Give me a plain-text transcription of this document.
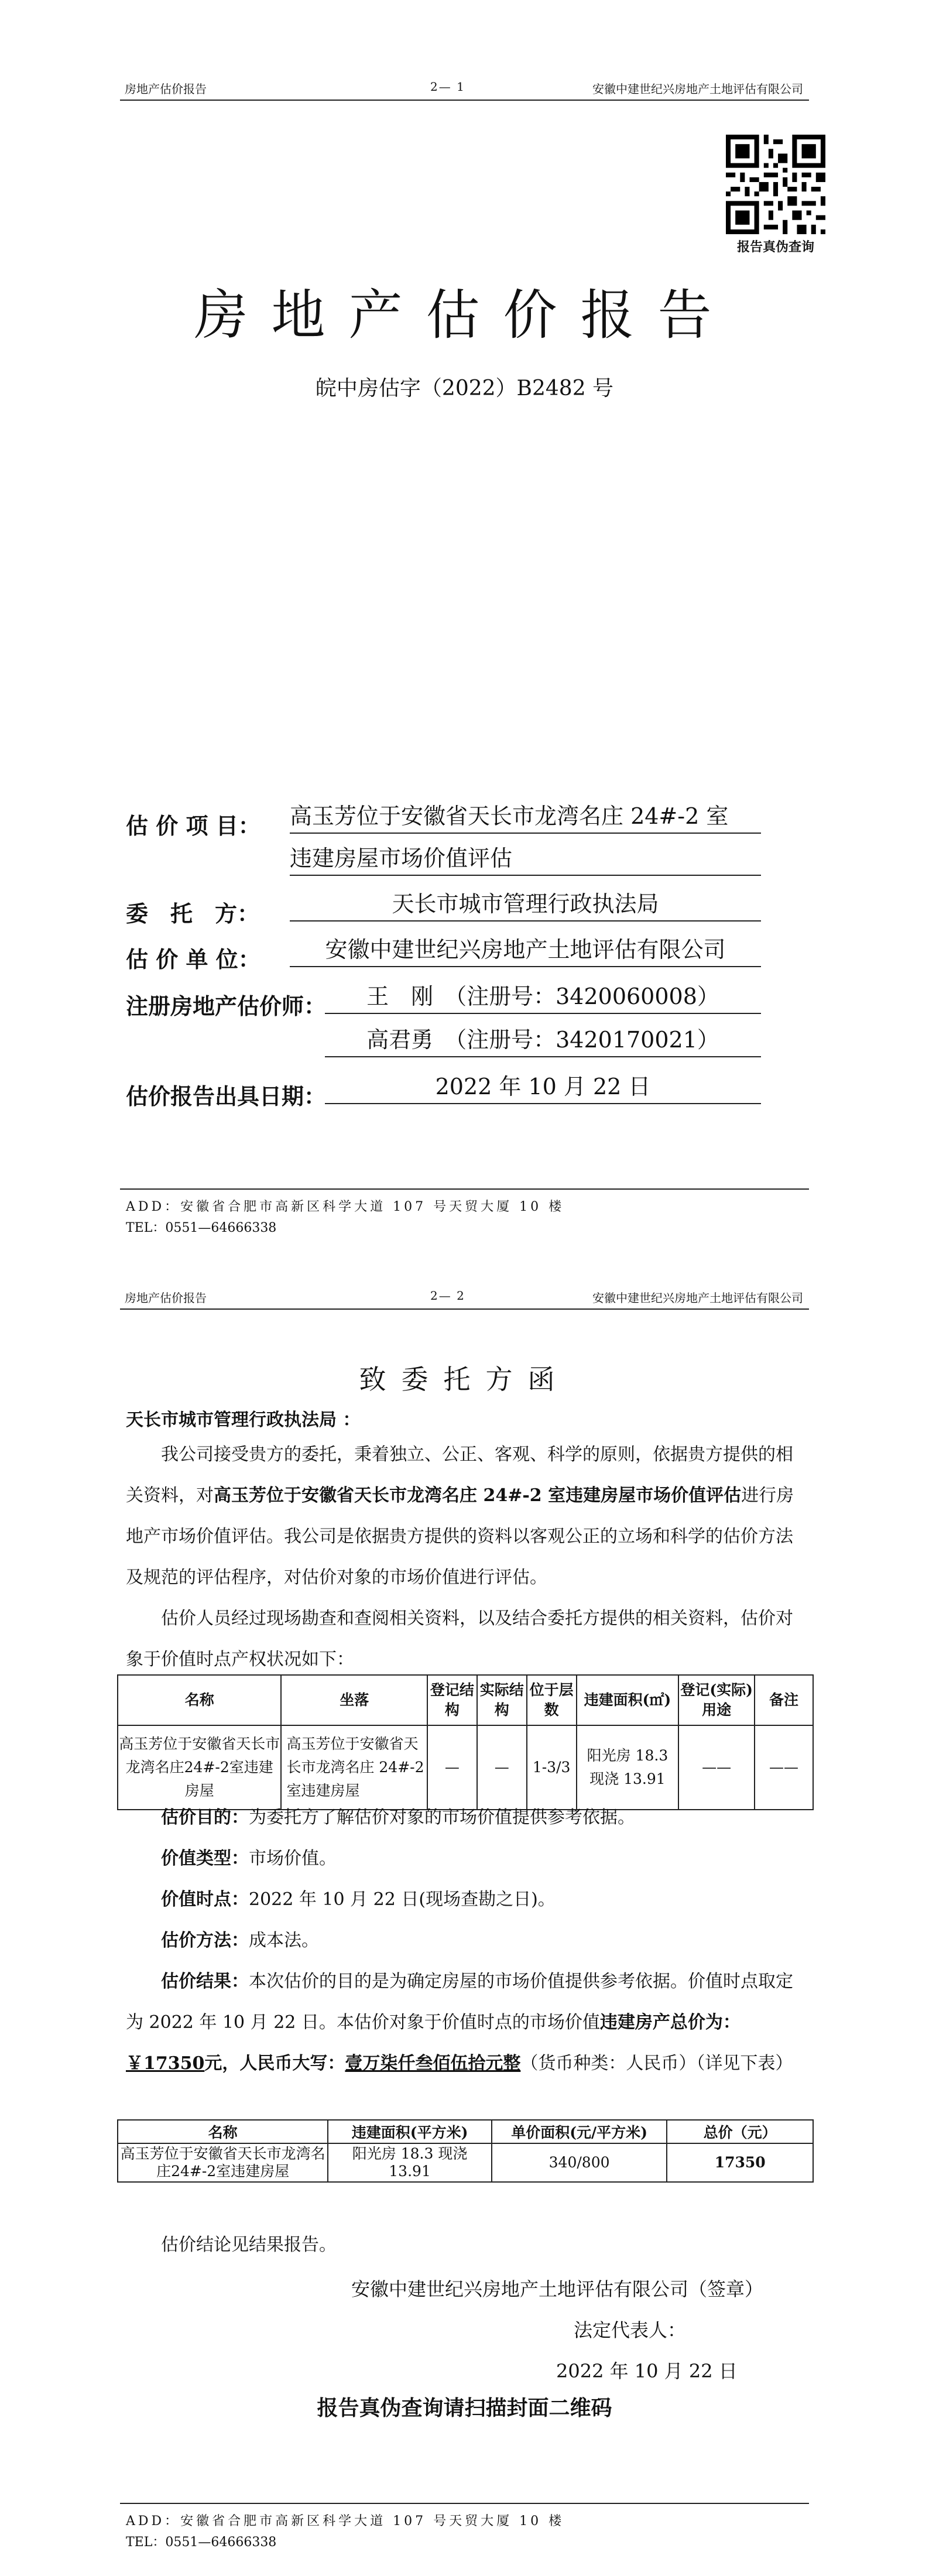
房地产估价报告	2— 1	安徽中建世纪兴房地产土地评估有限公司
报告真伪查询
房地产估价报告
皖中房估字（2022）B2482 号
估 价 项 目： 高玉芳位于安徽省天长市龙湾名庄 24#-2 室
违建房屋市场价值评估
委　托　方：	天长市城市管理行政执法局
估 价 单 位：	安徽中建世纪兴房地产土地评估有限公司
注册房地产估价师：	王　刚　（注册号：3420060008）
高君勇　（注册号：3420170021）
估价报告出具日期：	2022 年 10 月 22 日
ADD：安徽省合肥市高新区科学大道 107 号天贸大厦 10 楼
TEL：0551—64666338
房地产估价报告	2— 2	安徽中建世纪兴房地产土地评估有限公司
致委托方函
天长市城市管理行政执法局 ：
我公司接受贵方的委托，秉着独立、公正、客观、科学的原则，依据贵方提供的相关资料，对高玉芳位于安徽省天长市龙湾名庄 24#-2 室违建房屋市场价值评估进行房地产市场价值评估。我公司是依据贵方提供的资料以客观公正的立场和科学的估价方法及规范的评估程序，对估价对象的市场价值进行评估。
估价人员经过现场勘查和查阅相关资料，以及结合委托方提供的相关资料，估价对象于价值时点产权状况如下：
名称	坐落	登记结构	实际结构	位于层数	违建面积(㎡)	登记(实际)用途	备注
高玉芳位于安徽省天长市龙湾名庄24#-2室违建房屋	高玉芳位于安徽省天长市龙湾名庄 24#-2 室违建房屋	—	—	1-3/3	阳光房 18.3 现浇 13.91	——	——
估价目的：为委托方了解估价对象的市场价值提供参考依据。
价值类型：市场价值。
价值时点：2022 年 10 月 22 日(现场查勘之日)。
估价方法：成本法。
估价结果：本次估价的目的是为确定房屋的市场价值提供参考依据。价值时点取定为 2022 年 10 月 22 日。本估价对象于价值时点的市场价值违建房产总价为：￥17350元，人民币大写：壹万柒仟叁佰伍拾元整（货币种类：人民币）（详见下表）
名称	违建面积(平方米)	单价面积(元/平方米)	总价（元）
高玉芳位于安徽省天长市龙湾名庄24#-2室违建房屋	阳光房 18.3 现浇 13.91	340/800	17350
估价结论见结果报告。
安徽中建世纪兴房地产土地评估有限公司（签章）
法定代表人：
2022 年 10 月 22 日
报告真伪查询请扫描封面二维码
ADD：安徽省合肥市高新区科学大道 107 号天贸大厦 10 楼
TEL：0551—64666338
